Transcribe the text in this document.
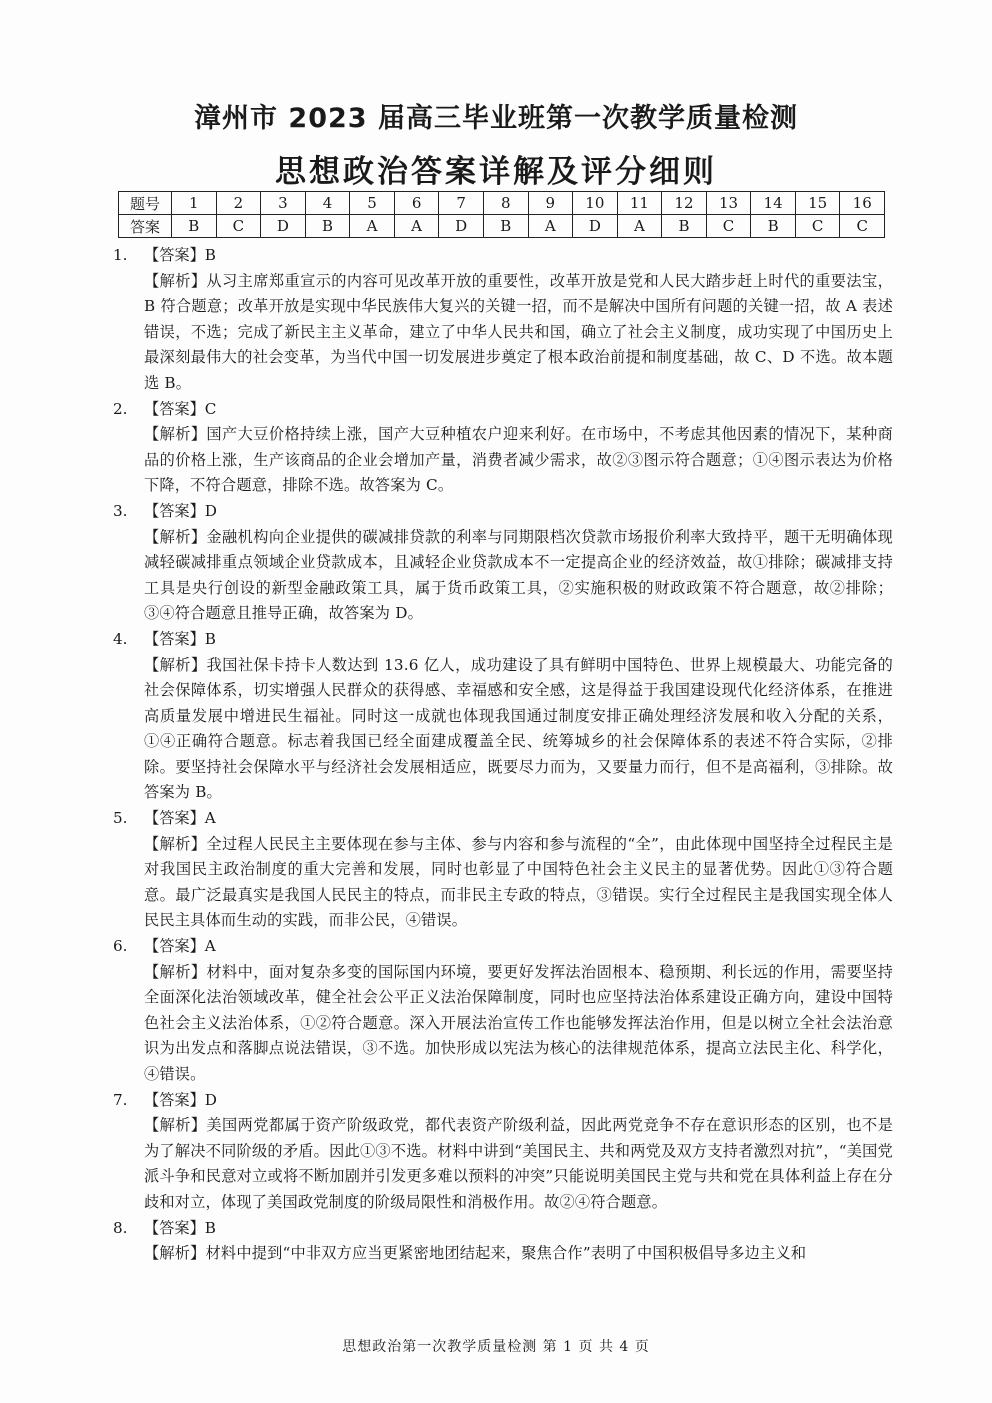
漳州市 2023 届高三毕业班第一次教学质量检测
思想政治答案详解及评分细则
题号	1	2	3	4	5	6	7	8	9	10	11	12	13	14	15	16
答案	B	C	D	B	A	A	D	B	A	D	A	B	C	B	C	C
1.	【答案】B
【解析】从习主席郑重宣示的内容可见改革开放的重要性，改革开放是党和人民大踏步赶上时代的重要法宝，B 符合题意；改革开放是实现中华民族伟大复兴的关键一招，而不是解决中国所有问题的关键一招，故 A 表述错误，不选；完成了新民主主义革命，建立了中华人民共和国，确立了社会主义制度，成功实现了中国历史上最深刻最伟大的社会变革，为当代中国一切发展进步奠定了根本政治前提和制度基础，故 C、D 不选。故本题选 B。
2.	【答案】C
【解析】国产大豆价格持续上涨，国产大豆种植农户迎来利好。在市场中，不考虑其他因素的情况下，某种商品的价格上涨，生产该商品的企业会增加产量，消费者减少需求，故②③图示符合题意；①④图示表达为价格下降，不符合题意，排除不选。故答案为 C。
3.	【答案】D
【解析】金融机构向企业提供的碳减排贷款的利率与同期限档次贷款市场报价利率大致持平，题干无明确体现减轻碳减排重点领域企业贷款成本，且减轻企业贷款成本不一定提高企业的经济效益，故①排除；碳减排支持工具是央行创设的新型金融政策工具，属于货币政策工具，②实施积极的财政政策不符合题意，故②排除；③④符合题意且推导正确，故答案为 D。
4.	【答案】B
【解析】我国社保卡持卡人数达到 13.6 亿人，成功建设了具有鲜明中国特色、世界上规模最大、功能完备的社会保障体系，切实增强人民群众的获得感、幸福感和安全感，这是得益于我国建设现代化经济体系，在推进高质量发展中增进民生福祉。同时这一成就也体现我国通过制度安排正确处理经济发展和收入分配的关系，①④正确符合题意。标志着我国已经全面建成覆盖全民、统筹城乡的社会保障体系的表述不符合实际，②排除。要坚持社会保障水平与经济社会发展相适应，既要尽力而为，又要量力而行，但不是高福利，③排除。故答案为 B。
5.	【答案】A
【解析】全过程人民民主主要体现在参与主体、参与内容和参与流程的“全”，由此体现中国坚持全过程民主是对我国民主政治制度的重大完善和发展，同时也彰显了中国特色社会主义民主的显著优势。因此①③符合题意。最广泛最真实是我国人民民主的特点，而非民主专政的特点，③错误。实行全过程民主是我国实现全体人民民主具体而生动的实践，而非公民，④错误。
6.	【答案】A
【解析】材料中，面对复杂多变的国际国内环境，要更好发挥法治固根本、稳预期、利长远的作用，需要坚持全面深化法治领域改革，健全社会公平正义法治保障制度，同时也应坚持法治体系建设正确方向，建设中国特色社会主义法治体系，①②符合题意。深入开展法治宣传工作也能够发挥法治作用，但是以树立全社会法治意识为出发点和落脚点说法错误，③不选。加快形成以宪法为核心的法律规范体系，提高立法民主化、科学化，④错误。
7.	【答案】D
【解析】美国两党都属于资产阶级政党，都代表资产阶级利益，因此两党竞争不存在意识形态的区别，也不是为了解决不同阶级的矛盾。因此①③不选。材料中讲到“美国民主、共和两党及双方支持者激烈对抗”，“美国党派斗争和民意对立或将不断加剧并引发更多难以预料的冲突”只能说明美国民主党与共和党在具体利益上存在分歧和对立，体现了美国政党制度的阶级局限性和消极作用。故②④符合题意。
8.	【答案】B
【解析】材料中提到“中非双方应当更紧密地团结起来，聚焦合作”表明了中国积极倡导多边主义和
思想政治第一次教学质量检测 第 1 页 共 4 页
